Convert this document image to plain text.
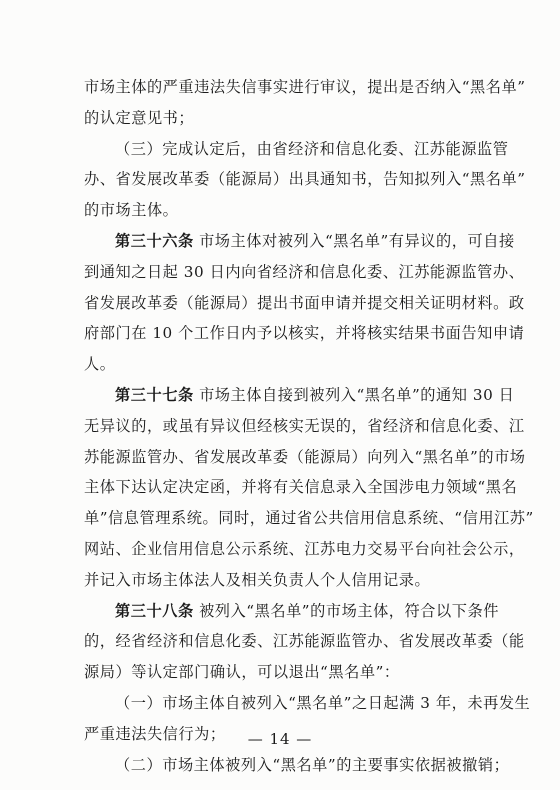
市场主体的严重违法失信事实进行审议，提出是否纳入“黑名单”
的认定意见书；
（三）完成认定后，由省经济和信息化委、江苏能源监管
办、省发展改革委（能源局）出具通知书，告知拟列入“黑名单”
的市场主体。
第三十六条 市场主体对被列入“黑名单”有异议的，可自接
到通知之日起 30 日内向省经济和信息化委、江苏能源监管办、
省发展改革委（能源局）提出书面申请并提交相关证明材料。政
府部门在 10 个工作日内予以核实，并将核实结果书面告知申请
人。
第三十七条 市场主体自接到被列入“黑名单”的通知 30 日
无异议的，或虽有异议但经核实无误的，省经济和信息化委、江
苏能源监管办、省发展改革委（能源局）向列入“黑名单”的市场
主体下达认定决定函，并将有关信息录入全国涉电力领域“黑名
单”信息管理系统。同时，通过省公共信用信息系统、“信用江苏”
网站、企业信用信息公示系统、江苏电力交易平台向社会公示，
并记入市场主体法人及相关负责人个人信用记录。
第三十八条 被列入“黑名单”的市场主体，符合以下条件
的，经省经济和信息化委、江苏能源监管办、省发展改革委（能
源局）等认定部门确认，可以退出“黑名单”：
（一）市场主体自被列入“黑名单”之日起满 3 年，未再发生
严重违法失信行为；
（二）市场主体被列入“黑名单”的主要事实依据被撤销；
— 14 —
